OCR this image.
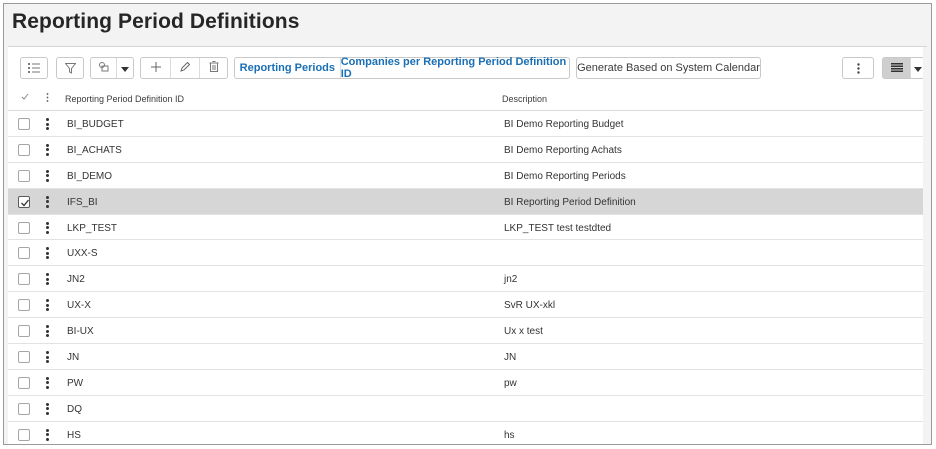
Reporting Period Definitions
Reporting Periods Companies per Reporting Period Definition ID	Generate Based on System Calendar
Reporting Period Definition ID	Description
BI_BUDGET	BI Demo Reporting Budget
BI_ACHATS	BI Demo Reporting Achats
BI_DEMO	BI Demo Reporting Periods
IFS_BI	BI Reporting Period Definition
LKP_TEST	LKP_TEST test testdted
UXX-S
JN2	jn2
UX-X	SvR UX-xkl
BI-UX	Ux x test
JN	JN
PW	pw
DQ
HS	hs
